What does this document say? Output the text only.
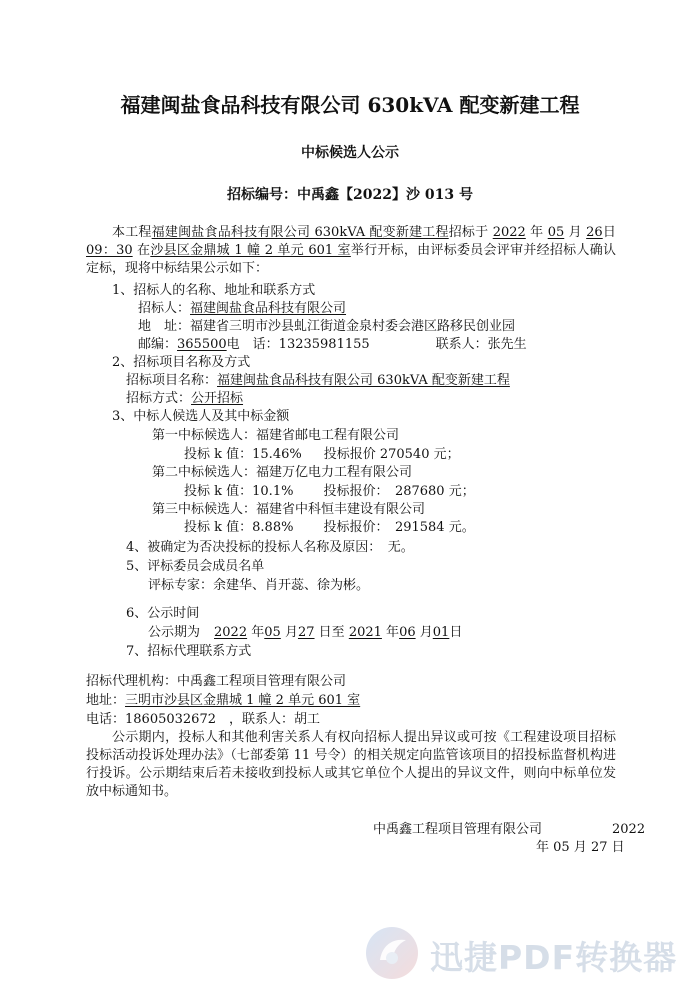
福建闽盐食品科技有限公司 630kVA 配变新建工程
中标候选人公示
招标编号：中禹鑫【2022】沙 013 号
本工程福建闽盐食品科技有限公司 630kVA 配变新建工程招标于 2022 年 05 月 26日 09：30 在沙县区金鼎城 1 幢 2 单元 601 室举行开标，由评标委员会评审并经招标人确认定标，现将中标结果公示如下：
1、招标人的名称、地址和联系方式
招标人：福建闽盐食品科技有限公司
地　址：福建省三明市沙县虬江街道金泉村委会港区路移民创业园
邮编：365500电　话：13235981155	联系人：张先生
2、招标项目名称及方式
招标项目名称：福建闽盐食品科技有限公司 630kVA 配变新建工程
招标方式：公开招标
3、中标人候选人及其中标金额
第一中标候选人：福建省邮电工程有限公司
投标 k 值：15.46% 投标报价 270540 元；
第二中标候选人：福建万亿电力工程有限公司
投标 k 值：10.1% 投标报价：　287680 元；
第三中标候选人：福建省中科恒丰建设有限公司
投标 k 值：8.88% 投标报价：　291584 元。
4、被确定为否决投标的投标人名称及原因：　无。
5、评标委员会成员名单
评标专家：余建华、肖开蕊、徐为彬。
6、公示时间
公示期为 2022 年05 月27 日至 2021 年06 月01日
7、招标代理联系方式
招标代理机构：中禹鑫工程项目管理有限公司
地址：三明市沙县区金鼎城 1 幢 2 单元 601 室
电话：18605032672　，联系人：胡工
公示期内，投标人和其他利害关系人有权向招标人提出异议或可按《工程建设项目招标投标活动投诉处理办法》（七部委第 11 号令）的相关规定向监管该项目的招投标监督机构进行投诉。公示期结束后若未接收到投标人或其它单位个人提出的异议文件，则向中标单位发放中标通知书。
中禹鑫工程项目管理有限公司	2022
年 05 月 27 日
迅捷PDF转换器
